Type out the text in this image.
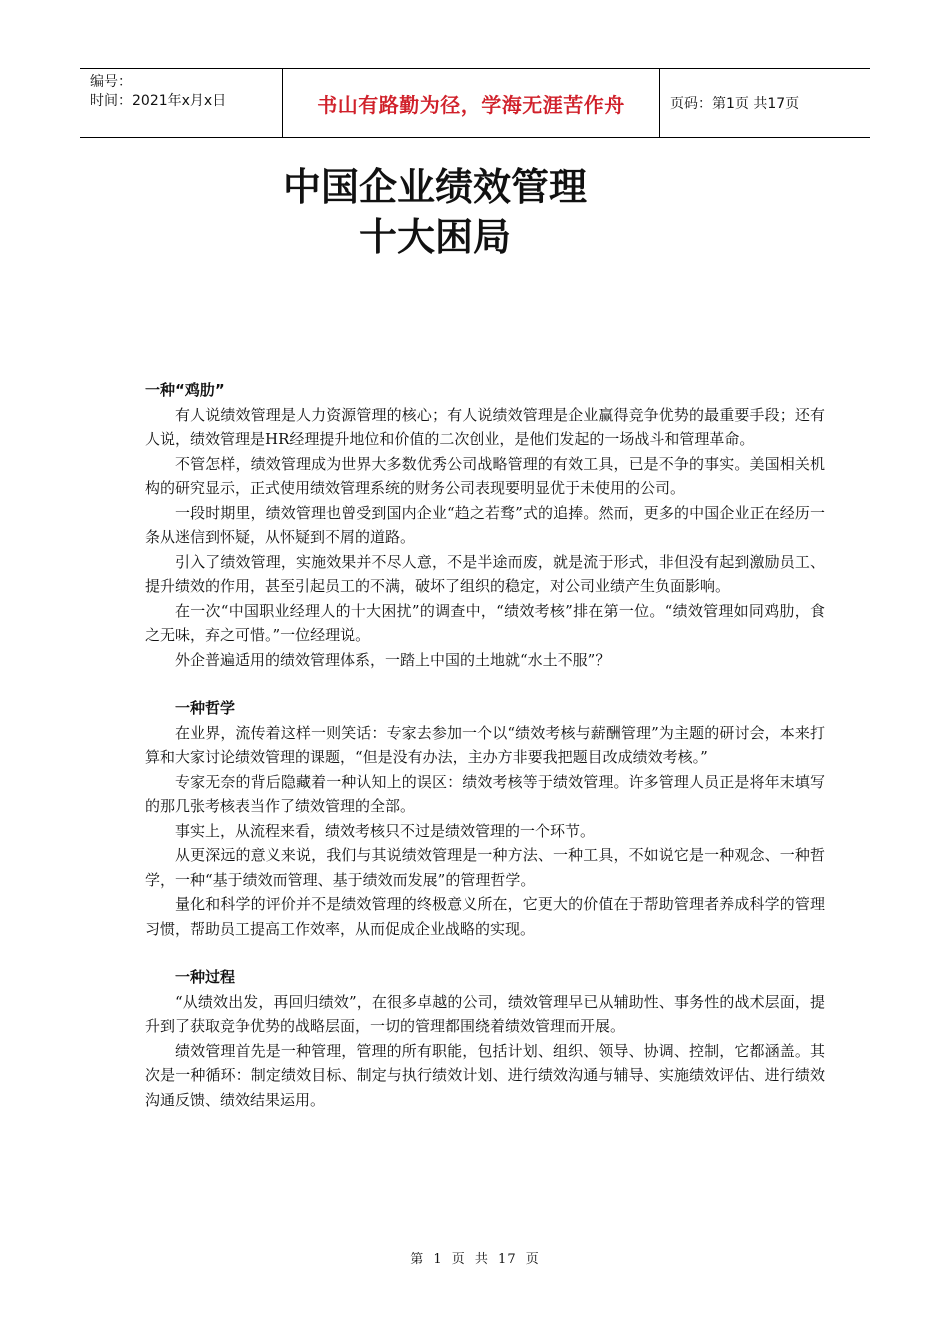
编号：
时间：2021年x月x日	书山有路勤为径，学海无涯苦作舟	页码：第1页 共17页
中国企业绩效管理
十大困局
一种“鸡肋”

有人说绩效管理是人力资源管理的核心；有人说绩效管理是企业赢得竞争优势的最重要手段；还有人说，绩效管理是HR经理提升地位和价值的二次创业，是他们发起的一场战斗和管理革命。

不管怎样，绩效管理成为世界大多数优秀公司战略管理的有效工具，已是不争的事实。美国相关机构的研究显示，正式使用绩效管理系统的财务公司表现要明显优于未使用的公司。

一段时期里，绩效管理也曾受到国内企业“趋之若骛”式的追捧。然而，更多的中国企业正在经历一条从迷信到怀疑，从怀疑到不屑的道路。

引入了绩效管理，实施效果并不尽人意，不是半途而废，就是流于形式，非但没有起到激励员工、提升绩效的作用，甚至引起员工的不满，破坏了组织的稳定，对公司业绩产生负面影响。

在一次“中国职业经理人的十大困扰”的调查中，“绩效考核”排在第一位。“绩效管理如同鸡肋，食之无味，弃之可惜。”一位经理说。

外企普遍适用的绩效管理体系，一踏上中国的土地就“水土不服”？

一种哲学

在业界，流传着这样一则笑话：专家去参加一个以“绩效考核与薪酬管理”为主题的研讨会，本来打算和大家讨论绩效管理的课题，“但是没有办法，主办方非要我把题目改成绩效考核。”

专家无奈的背后隐藏着一种认知上的误区：绩效考核等于绩效管理。许多管理人员正是将年末填写的那几张考核表当作了绩效管理的全部。

事实上，从流程来看，绩效考核只不过是绩效管理的一个环节。

从更深远的意义来说，我们与其说绩效管理是一种方法、一种工具，不如说它是一种观念、一种哲学，一种“基于绩效而管理、基于绩效而发展”的管理哲学。

量化和科学的评价并不是绩效管理的终极意义所在，它更大的价值在于帮助管理者养成科学的管理习惯，帮助员工提高工作效率，从而促成企业战略的实现。

一种过程

“从绩效出发，再回归绩效”，在很多卓越的公司，绩效管理早已从辅助性、事务性的战术层面，提升到了获取竞争优势的战略层面，一切的管理都围绕着绩效管理而开展。

绩效管理首先是一种管理，管理的所有职能，包括计划、组织、领导、协调、控制，它都涵盖。其次是一种循环：制定绩效目标、制定与执行绩效计划、进行绩效沟通与辅导、实施绩效评估、进行绩效沟通反馈、绩效结果运用。

第 1 页 共 17 页
